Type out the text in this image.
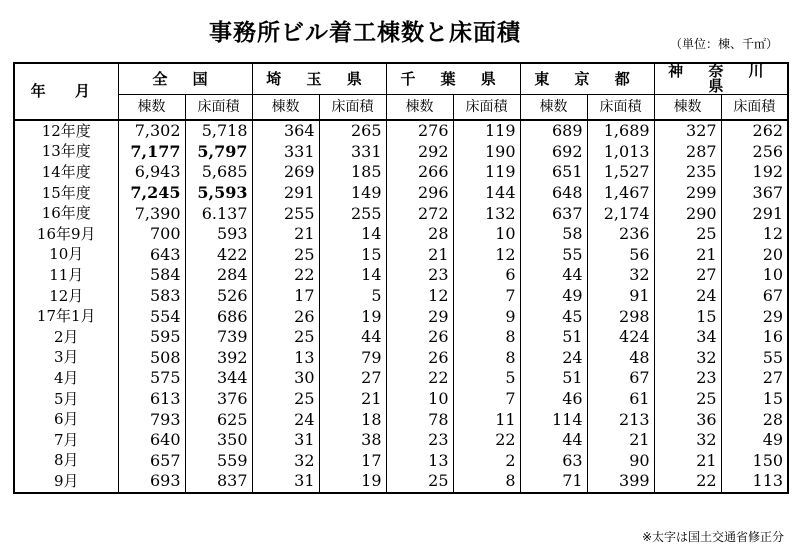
事務所ビル着工棟数と床面積	（単位：棟、千㎡）
年 月	全 国		埼 玉 県		千 葉 県		東 京 都		神 奈 川 県	
	棟数	床面積	棟数	床面積	棟数	床面積	棟数	床面積	棟数	床面積
12年度	7,302	5,718	364	265	276	119	689	1,689	327	262
13年度	7,177	5,797	331	331	292	190	692	1,013	287	256
14年度	6,943	5,685	269	185	266	119	651	1,527	235	192
15年度	7,245	5,593	291	149	296	144	648	1,467	299	367
16年度	7,390	6.137	255	255	272	132	637	2,174	290	291
16年9月	700	593	21	14	28	10	58	236	25	12
10月	643	422	25	15	21	12	55	56	21	20
11月	584	284	22	14	23	6	44	32	27	10
12月	583	526	17	5	12	7	49	91	24	67
17年1月	554	686	26	19	29	9	45	298	15	29
2月	595	739	25	44	26	8	51	424	34	16
3月	508	392	13	79	26	8	24	48	32	55
4月	575	344	30	27	22	5	51	67	23	27
5月	613	376	25	21	10	7	46	61	25	15
6月	793	625	24	18	78	11	114	213	36	28
7月	640	350	31	38	23	22	44	21	32	49
8月	657	559	32	17	13	2	63	90	21	150
9月	693	837	31	19	25	8	71	399	22	113
※太字は国土交通省修正分
